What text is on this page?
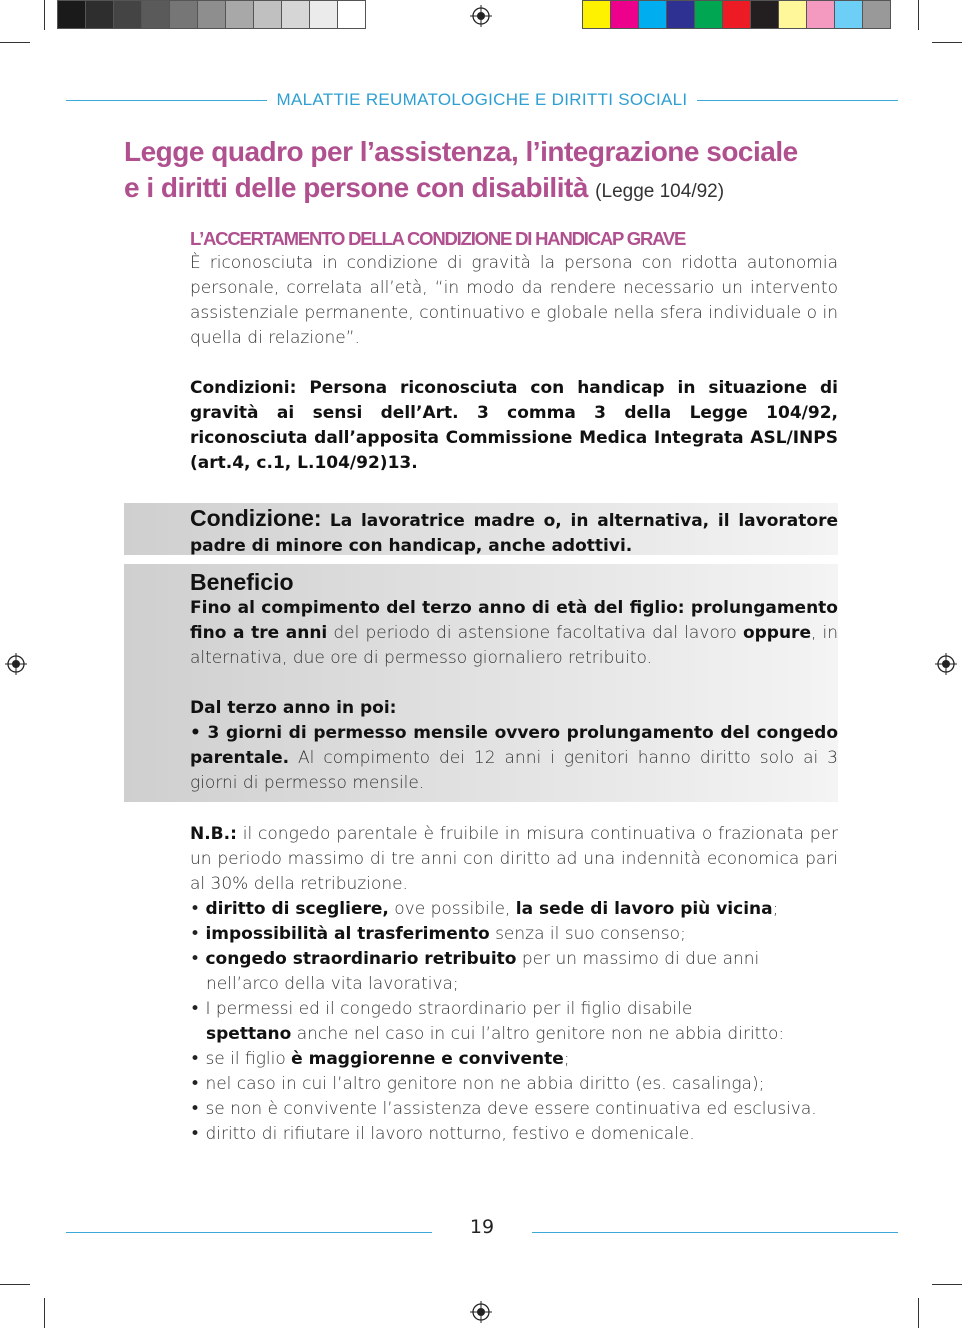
MALATTIE REUMATOLOGICHE E DIRITTI SOCIALI
Legge quadro per l’assistenza, l’integrazione sociale
e i diritti delle persone con disabilità (Legge 104/92)
L’ACCERTAMENTO DELLA CONDIZIONE DI HANDICAP GRAVE
È riconosciuta in condizione di gravità la persona con ridotta autonomia personale, correlata all’età, “in modo da rendere necessario un intervento assistenziale permanente, continuativo e globale nella sfera individuale o in quella di relazione”.
Condizioni: Persona riconosciuta con handicap in situazione di gravità ai sensi dell’Art. 3 comma 3 della Legge 104/92, riconosciuta dall’apposita Commissione Medica Integrata ASL/INPS (art.4, c.1, L.104/92)13.
Condizione: La lavoratrice madre o, in alternativa, il lavoratore padre di minore con handicap, anche adottivi.
Beneficio
Fino al compimento del terzo anno di età del figlio: prolungamento fino a tre anni del periodo di astensione facoltativa dal lavoro oppure, in alternativa, due ore di permesso giornaliero retribuito.
Dal terzo anno in poi:
• 3 giorni di permesso mensile ovvero prolungamento del congedo parentale. Al compimento dei 12 anni i genitori hanno diritto solo ai 3 giorni di permesso mensile.
N.B.: il congedo parentale è fruibile in misura continuativa o frazionata per un periodo massimo di tre anni con diritto ad una indennità economica pari al 30% della retribuzione.
• diritto di scegliere, ove possibile, la sede di lavoro più vicina;
• impossibilità al trasferimento senza il suo consenso;
• congedo straordinario retribuito per un massimo di due anni
nell’arco della vita lavorativa;
• I permessi ed il congedo straordinario per il figlio disabile
spettano anche nel caso in cui l’altro genitore non ne abbia diritto:
• se il figlio è maggiorenne e convivente;
• nel caso in cui l’altro genitore non ne abbia diritto (es. casalinga);
• se non è convivente l’assistenza deve essere continuativa ed esclusiva.
• diritto di rifiutare il lavoro notturno, festivo e domenicale.
19
